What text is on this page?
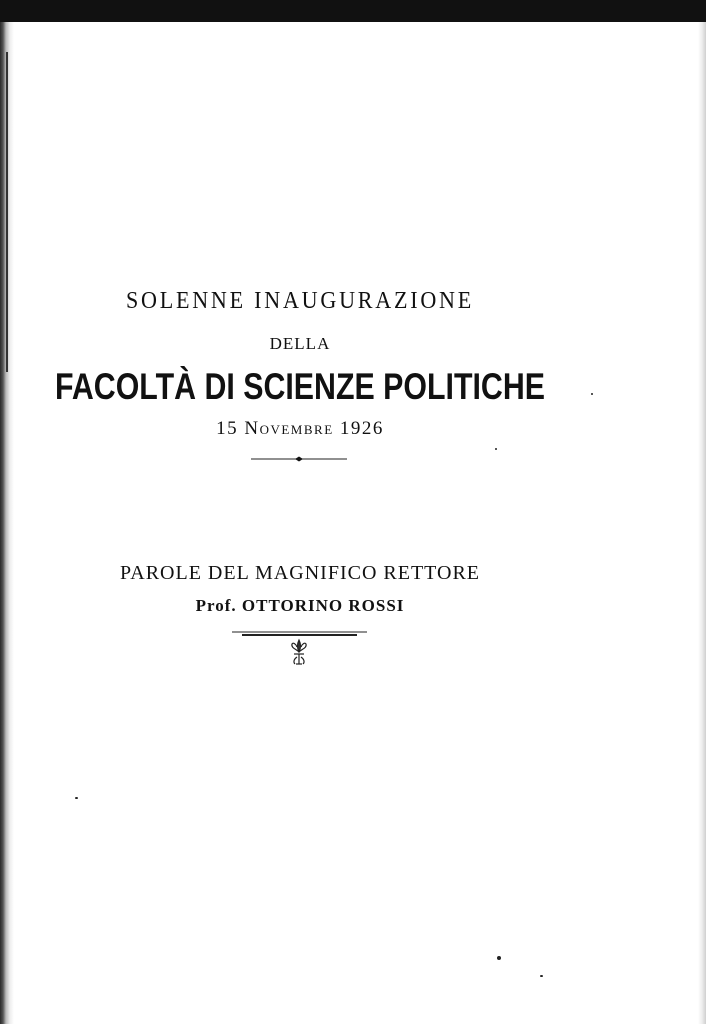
SOLENNE INAUGURAZIONE
DELLA
FACOLTÀ DI SCIENZE POLITICHE
15 Novembre 1926
PAROLE DEL MAGNIFICO RETTORE
Prof. OTTORINO ROSSI
